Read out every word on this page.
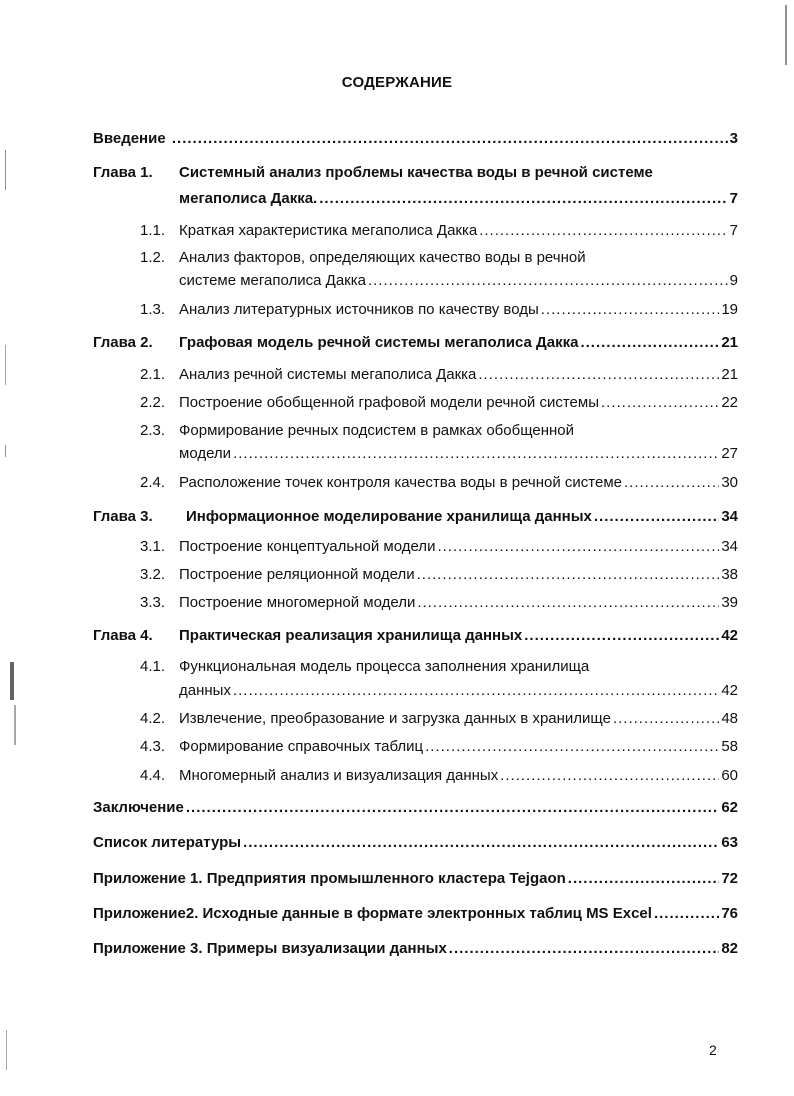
СОДЕРЖАНИЕ
Введение .....	3
Глава 1. Системный анализ проблемы качества воды в речной системе
мегаполиса Дакка. .....	7
1.1. Краткая характеристика мегаполиса Дакка .....	7
1.2. Анализ факторов, определяющих качество воды в речной
системе мегаполиса Дакка .....	9
1.3. Анализ литературных источников по качеству воды .....	19
Глава 2. Графовая модель речной системы мегаполиса Дакка .....	21
2.1. Анализ речной системы мегаполиса Дакка .....	21
2.2. Построение обобщенной графовой модели речной системы .....	22
2.3. Формирование речных подсистем в рамках обобщенной
модели .....	27
2.4. Расположение точек контроля качества воды в речной системе .....	30
Глава 3. Информационное моделирование хранилища данных .....	34
3.1. Построение концептуальной модели .....	34
3.2. Построение реляционной модели .....	38
3.3. Построение многомерной модели .....	39
Глава 4. Практическая реализация хранилища данных .....	42
4.1. Функциональная модель процесса заполнения хранилища
данных .....	42
4.2. Извлечение, преобразование и загрузка данных в хранилище .....	48
4.3. Формирование справочных таблиц .....	58
4.4. Многомерный анализ и визуализация данных .....	60
Заключение .....	62
Список литературы .....	63
Приложение 1. Предприятия промышленного кластера Tejgaon .....	72
Приложение2. Исходные данные в формате электронных таблиц MS Excel .....	76
Приложение 3. Примеры визуализации данных .....	82
2
